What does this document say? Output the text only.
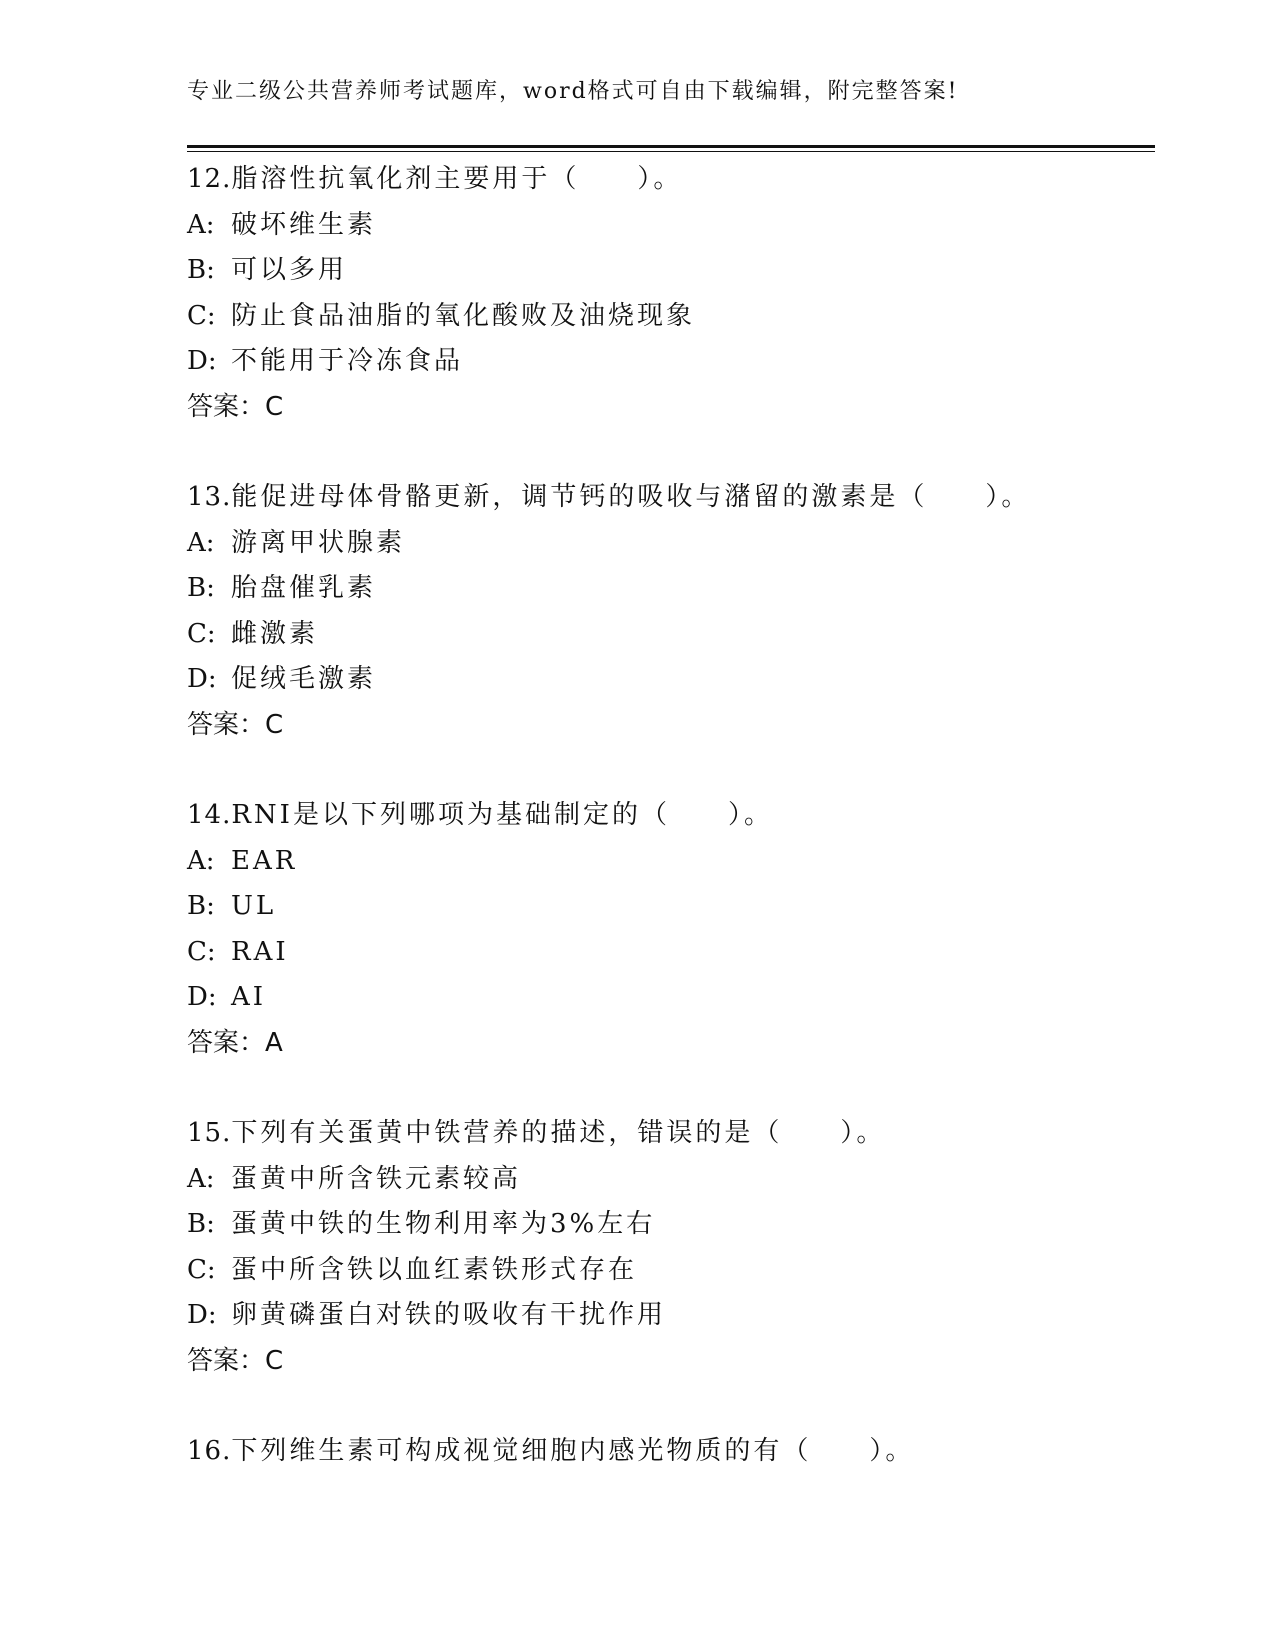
专业二级公共营养师考试题库，word格式可自由下载编辑，附完整答案!
12.脂溶性抗氧化剂主要用于（　　）。
A: 破坏维生素
B: 可以多用
C: 防止食品油脂的氧化酸败及油烧现象
D: 不能用于冷冻食品
答案：C
13.能促进母体骨骼更新，调节钙的吸收与潴留的激素是（　　）。
A: 游离甲状腺素
B: 胎盘催乳素
C: 雌激素
D: 促绒毛激素
答案：C
14.RNI是以下列哪项为基础制定的（　　）。
A: EAR
B: UL
C: RAI
D: AI
答案：A
15.下列有关蛋黄中铁营养的描述，错误的是（　　）。
A: 蛋黄中所含铁元素较高
B: 蛋黄中铁的生物利用率为3%左右
C: 蛋中所含铁以血红素铁形式存在
D: 卵黄磷蛋白对铁的吸收有干扰作用
答案：C
16.下列维生素可构成视觉细胞内感光物质的有（　　）。
